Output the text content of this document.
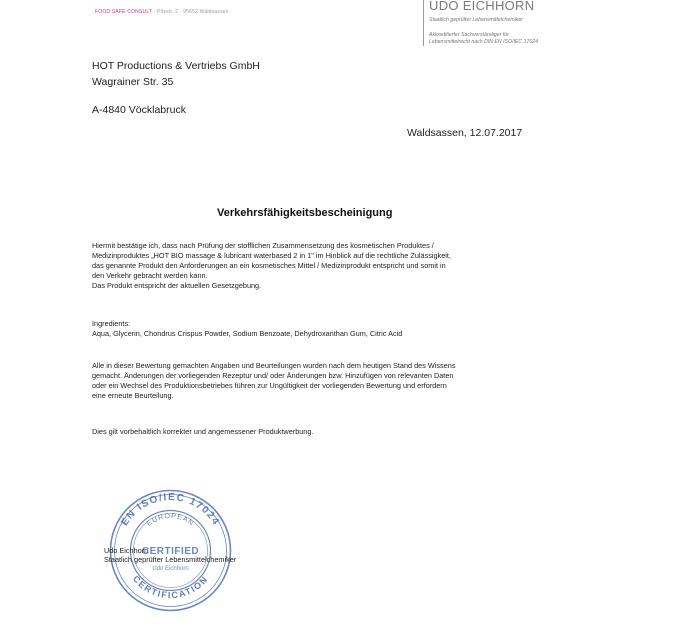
FOOD SAFE CONSULT · Pilzstr. 2 · 95652 Waldsassen	UDO EICHHORN
Staatlich geprüfter Lebensmittelchemiker
Akkreditierter Sachverständiger für
Lebensmittelrecht nach DIN EN ISO/IEC 17024
HOT Productions & Vertriebs GmbH
Wagrainer Str. 35
A-4840 Vöcklabruck
Waldsassen, 12.07.2017
Verkehrsfähigkeitsbescheinigung
Hiermit bestätige ich, dass nach Prüfung der stofflichen Zusammensetzung des kosmetischen Produktes /
Medizinproduktes „HOT BIO massage & lubricant waterbased 2 in 1" im Hinblick auf die rechtliche Zulässigkeit,
das genannte Produkt den Anforderungen an ein kosmetisches Mittel / Medizinprodukt entspricht und somit in
den Verkehr gebracht werden kann.
Das Produkt entspricht der aktuellen Gesetzgebung.
Ingredients:
Aqua, Glycerin, Chondrus Crispus Powder, Sodium Benzoate, Dehydroxanthan Gum, Citric Acid
Alle in dieser Bewertung gemachten Angaben und Beurteilungen wurden nach dem heutigen Stand des Wissens
gemacht. Änderungen der vorliegenden Rezeptur und/ oder Änderungen bzw. Hinzufügen von relevanten Daten
oder ein Wechsel des Produktionsbetriebes führen zur Ungültigkeit der vorliegenden Bewertung und erfordern
eine erneute Beurteilung.
Dies gilt vorbehaltlich korrekter und angemessener Produktwerbung.
EN ISO/IEC 17024
CERTIFICATION
EUROPEAN
CERTIFIED
Udo Eichhorn
Udo Eichhorn
Staatlich geprüfter Lebensmittelchemiker
